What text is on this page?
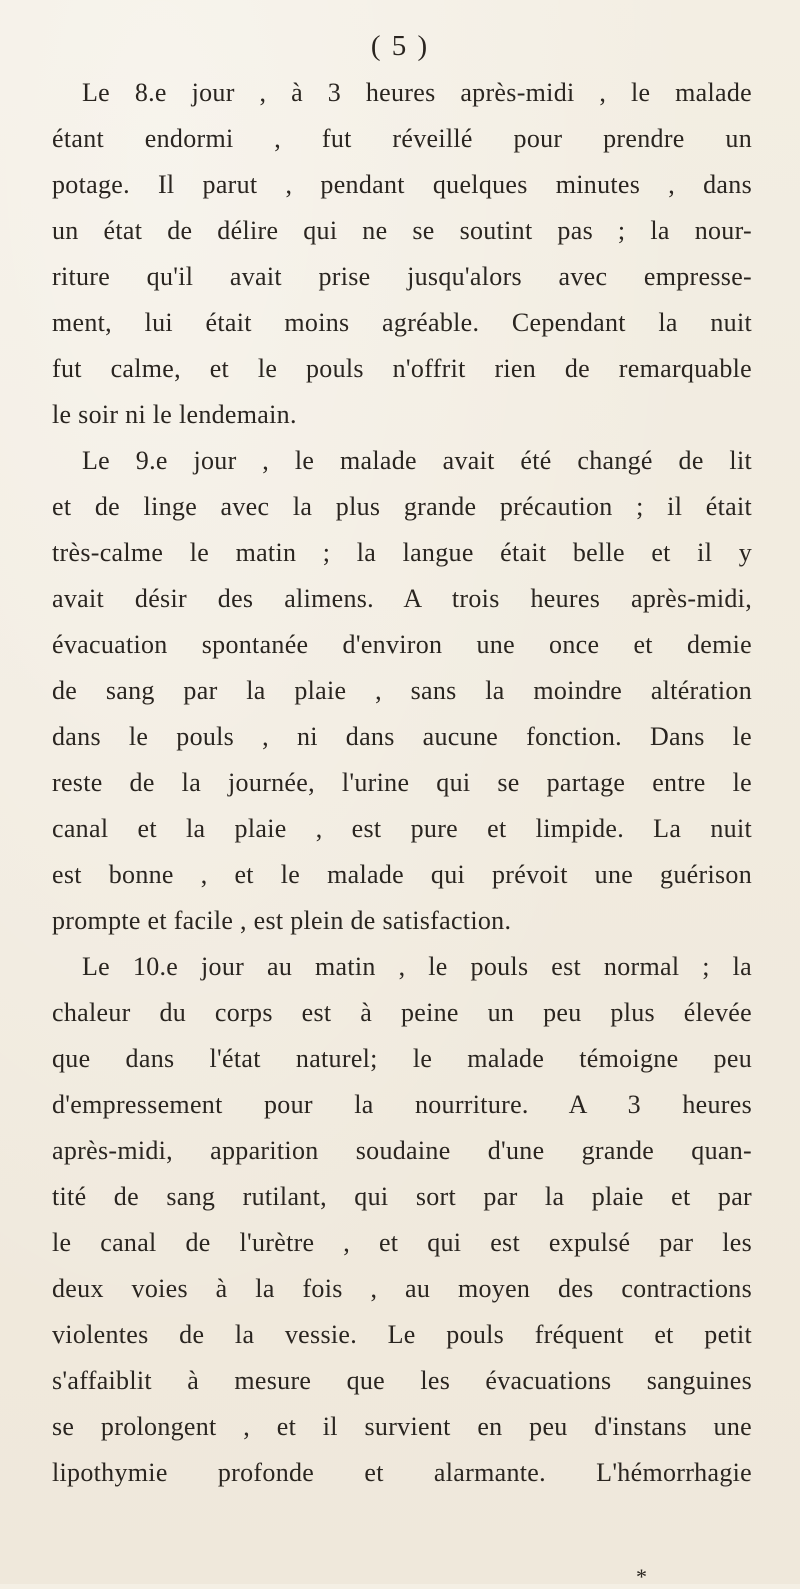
( 5 )
Le 8.e jour , à 3 heures après-midi , le malade
étant endormi , fut réveillé pour prendre un
potage. Il parut , pendant quelques minutes , dans
un état de délire qui ne se soutint pas ; la nour-
riture qu'il avait prise jusqu'alors avec empresse-
ment, lui était moins agréable. Cependant la nuit
fut calme, et le pouls n'offrit rien de remarquable
le soir ni le lendemain.
Le 9.e jour , le malade avait été changé de lit
et de linge avec la plus grande précaution ; il était
très-calme le matin ; la langue était belle et il y
avait désir des alimens. A trois heures après-midi,
évacuation spontanée d'environ une once et demie
de sang par la plaie , sans la moindre altération
dans le pouls , ni dans aucune fonction. Dans le
reste de la journée, l'urine qui se partage entre le
canal et la plaie , est pure et limpide. La nuit
est bonne , et le malade qui prévoit une guérison
prompte et facile , est plein de satisfaction.
Le 10.e jour au matin , le pouls est normal ; la
chaleur du corps est à peine un peu plus élevée
que dans l'état naturel; le malade témoigne peu
d'empressement pour la nourriture. A 3 heures
après-midi, apparition soudaine d'une grande quan-
tité de sang rutilant, qui sort par la plaie et par
le canal de l'urètre , et qui est expulsé par les
deux voies à la fois , au moyen des contractions
violentes de la vessie. Le pouls fréquent et petit
s'affaiblit à mesure que les évacuations sanguines
se prolongent , et il survient en peu d'instans une
lipothymie profonde et alarmante. L'hémorrhagie
*
